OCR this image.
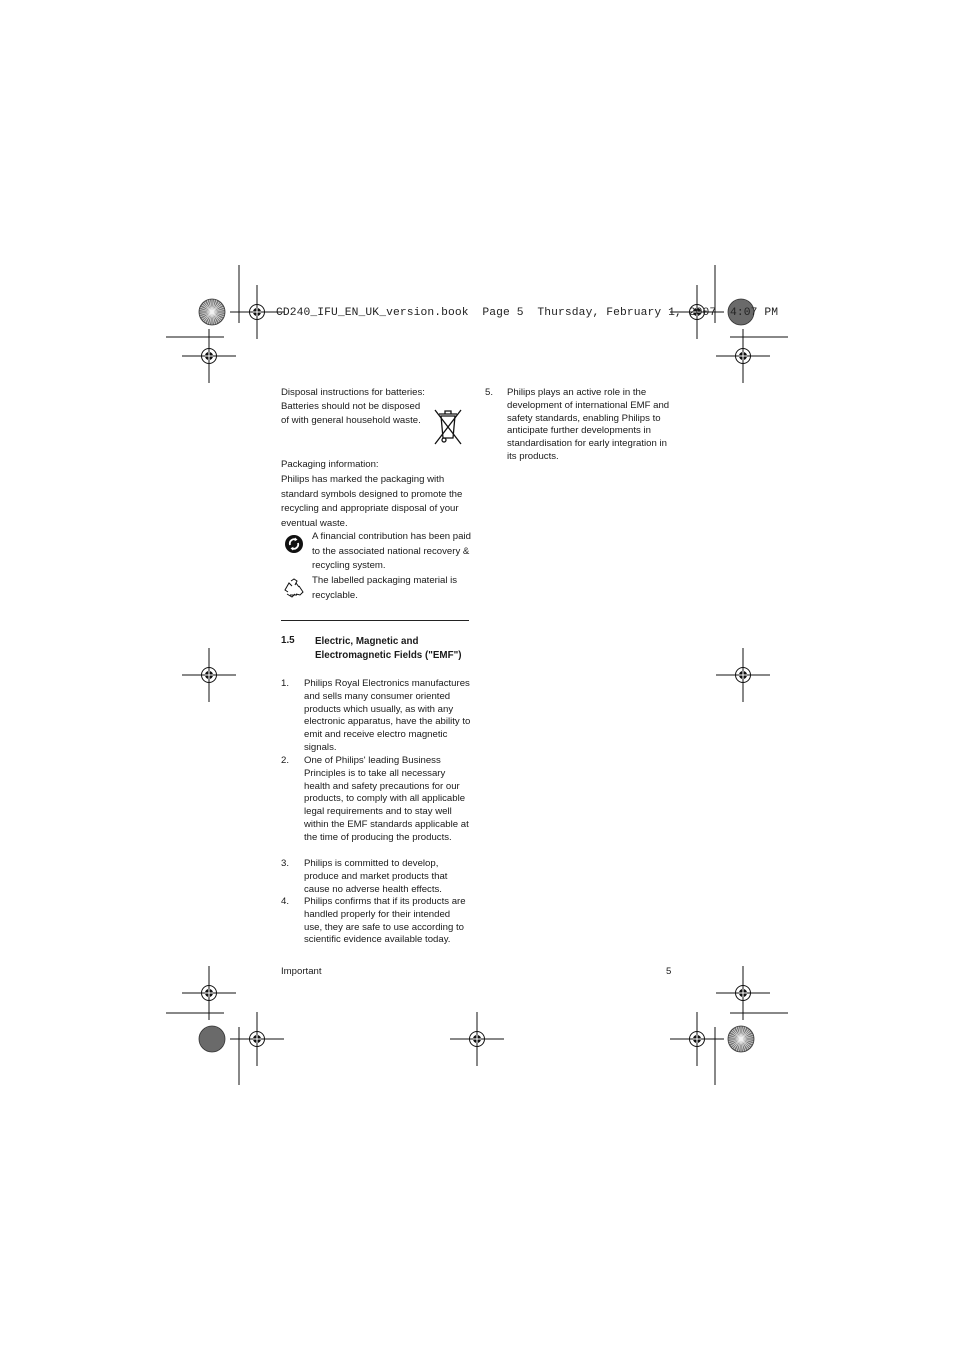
CD240_IFU_EN_UK_version.book  Page 5  Thursday, February 1, 2007  4:07 PM
Disposal instructions for batteries:
Batteries should not be disposed of with general household waste.
Packaging information:
Philips has marked the packaging with standard symbols designed to promote the recycling and appropriate disposal of your eventual waste.
A financial contribution has been paid to the associated national recovery & recycling system.
The labelled packaging material is recyclable.
1.5 Electric, Magnetic and Electromagnetic Fields ("EMF")
1. Philips Royal Electronics manufactures and sells many consumer oriented products which usually, as with any electronic apparatus, have the ability to emit and receive electro magnetic signals.
2. One of Philips' leading Business Principles is to take all necessary health and safety precautions for our products, to comply with all applicable legal requirements and to stay well within the EMF standards applicable at the time of producing the products.
3. Philips is committed to develop, produce and market products that cause no adverse health effects.
4. Philips confirms that if its products are handled properly for their intended use, they are safe to use according to scientific evidence available today.
5. Philips plays an active role in the development of international EMF and safety standards, enabling Philips to anticipate further developments in standardisation for early integration in its products.
Important	5
